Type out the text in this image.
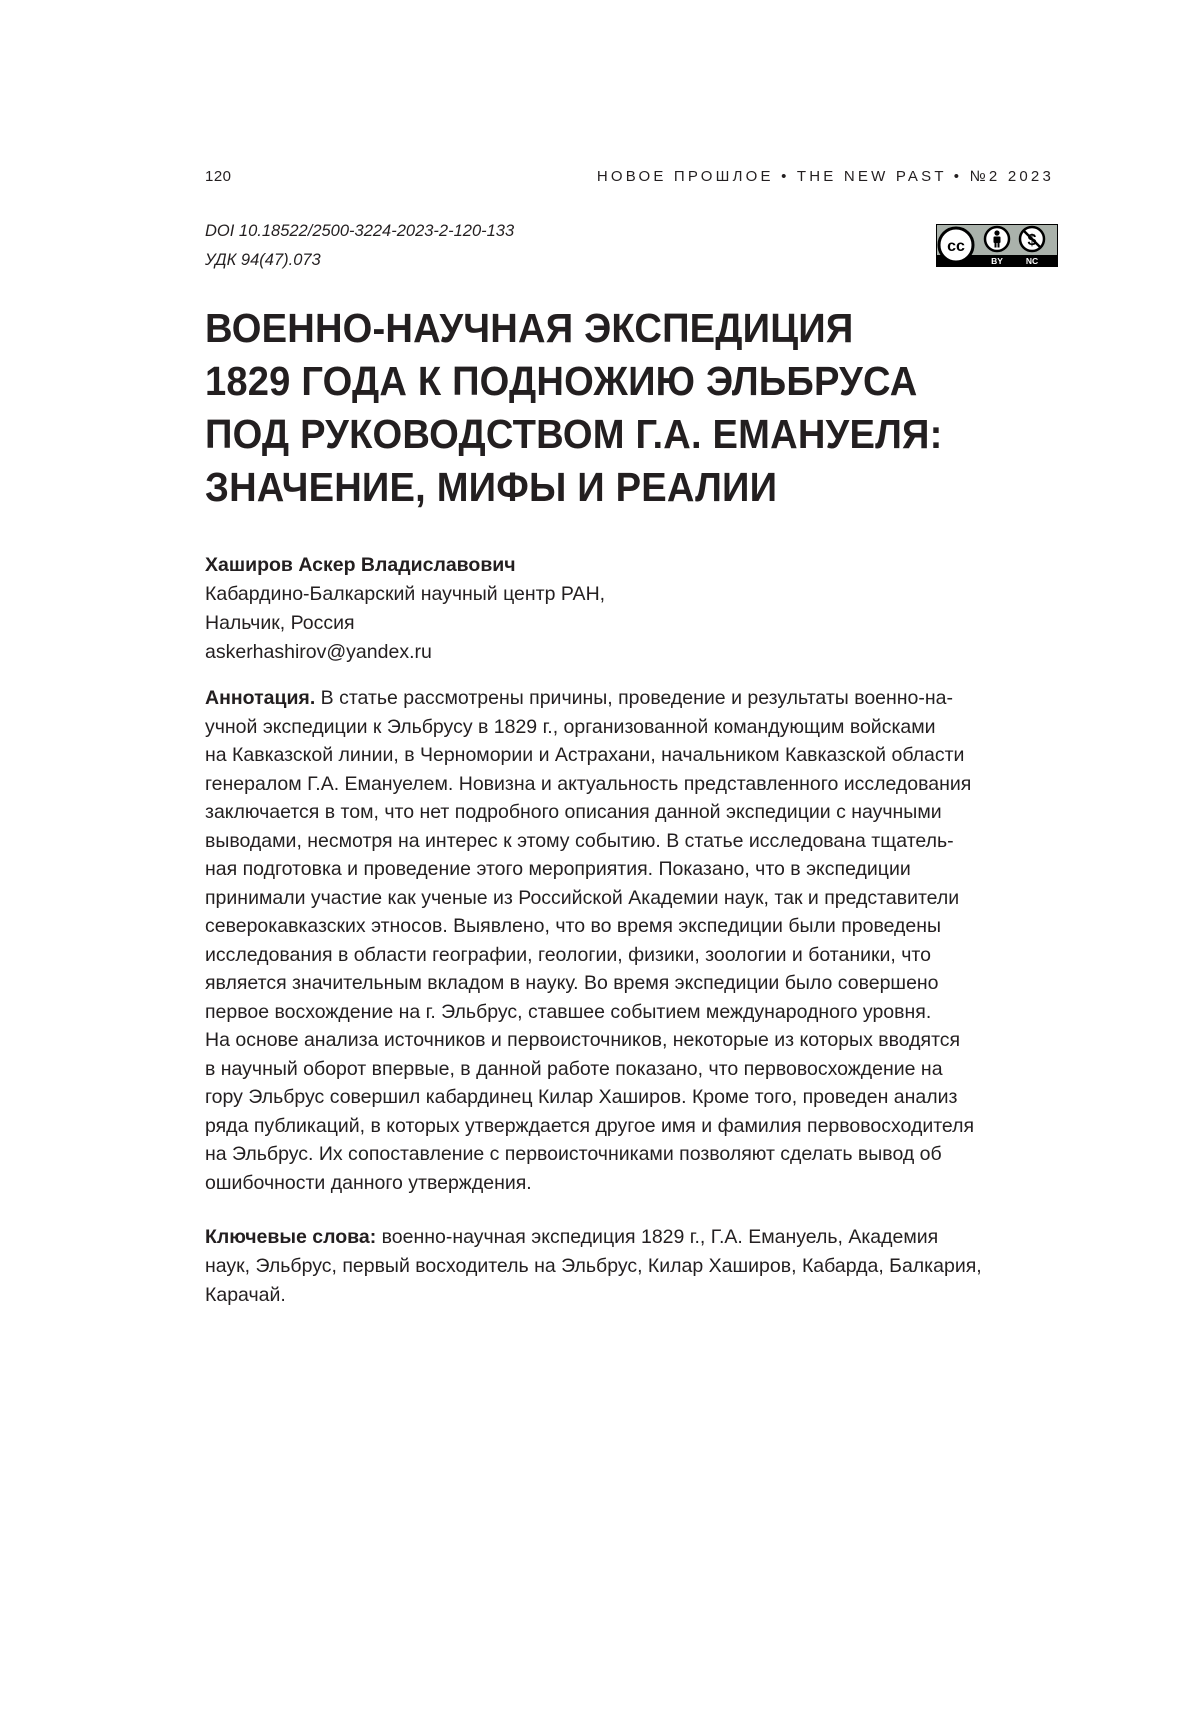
120	НОВОЕ ПРОШЛОЕ • THE NEW PAST • №2 2023
DOI 10.18522/2500-3224-2023-2-120-133
УДК 94(47).073
cc
BY	NC
ВОЕННО-НАУЧНАЯ ЭКСПЕДИЦИЯ
1829 ГОДА К ПОДНОЖИЮ ЭЛЬБРУСА
ПОД РУКОВОДСТВОМ Г.А. ЕМАНУЕЛЯ:
ЗНАЧЕНИЕ, МИФЫ И РЕАЛИИ
Хаширов Аскер Владиславович
Кабардино-Балкарский научный центр РАН,
Нальчик, Россия
askerhashirov@yandex.ru
Аннотация. В статье рассмотрены причины, проведение и результаты военно-на-
учной экспедиции к Эльбрусу в 1829 г., организованной командующим войсками
на Кавказской линии, в Черномории и Астрахани, начальником Кавказской области
генералом Г.А. Емануелем. Новизна и актуальность представленного исследования
заключается в том, что нет подробного описания данной экспедиции с научными
выводами, несмотря на интерес к этому событию. В статье исследована тщатель-
ная подготовка и проведение этого мероприятия. Показано, что в экспедиции
принимали участие как ученые из Российской Академии наук, так и представители
северокавказских этносов. Выявлено, что во время экспедиции были проведены
исследования в области географии, геологии, физики, зоологии и ботаники, что
является значительным вкладом в науку. Во время экспедиции было совершено
первое восхождение на г. Эльбрус, ставшее событием международного уровня.
На основе анализа источников и первоисточников, некоторые из которых вводятся
в научный оборот впервые, в данной работе показано, что первовосхождение на
гору Эльбрус совершил кабардинец Килар Хаширов. Кроме того, проведен анализ
ряда публикаций, в которых утверждается другое имя и фамилия первовосходителя
на Эльбрус. Их сопоставление с первоисточниками позволяют сделать вывод об
ошибочности данного утверждения.
Ключевые слова: военно-научная экспедиция 1829 г., Г.А. Емануель, Академия
наук, Эльбрус, первый восходитель на Эльбрус, Килар Хаширов, Кабарда, Балкария,
Карачай.
